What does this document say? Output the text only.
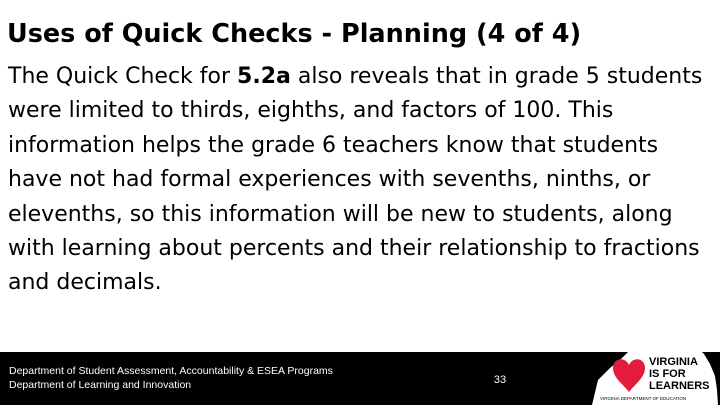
Uses of Quick Checks - Planning (4 of 4)

The Quick Check for 5.2a also reveals that in grade 5 students were limited to thirds, eighths, and factors of 100. This information helps the grade 6 teachers know that students have not had formal experiences with sevenths, ninths, or elevenths, so this information will be new to students, along with learning about percents and their relationship to fractions and decimals.

Department of Student Assessment, Accountability & ESEA Programs
Department of Learning and Innovation	33
VIRGINIA
IS FOR
LEARNERS
VIRGINIA DEPARTMENT OF EDUCATION
